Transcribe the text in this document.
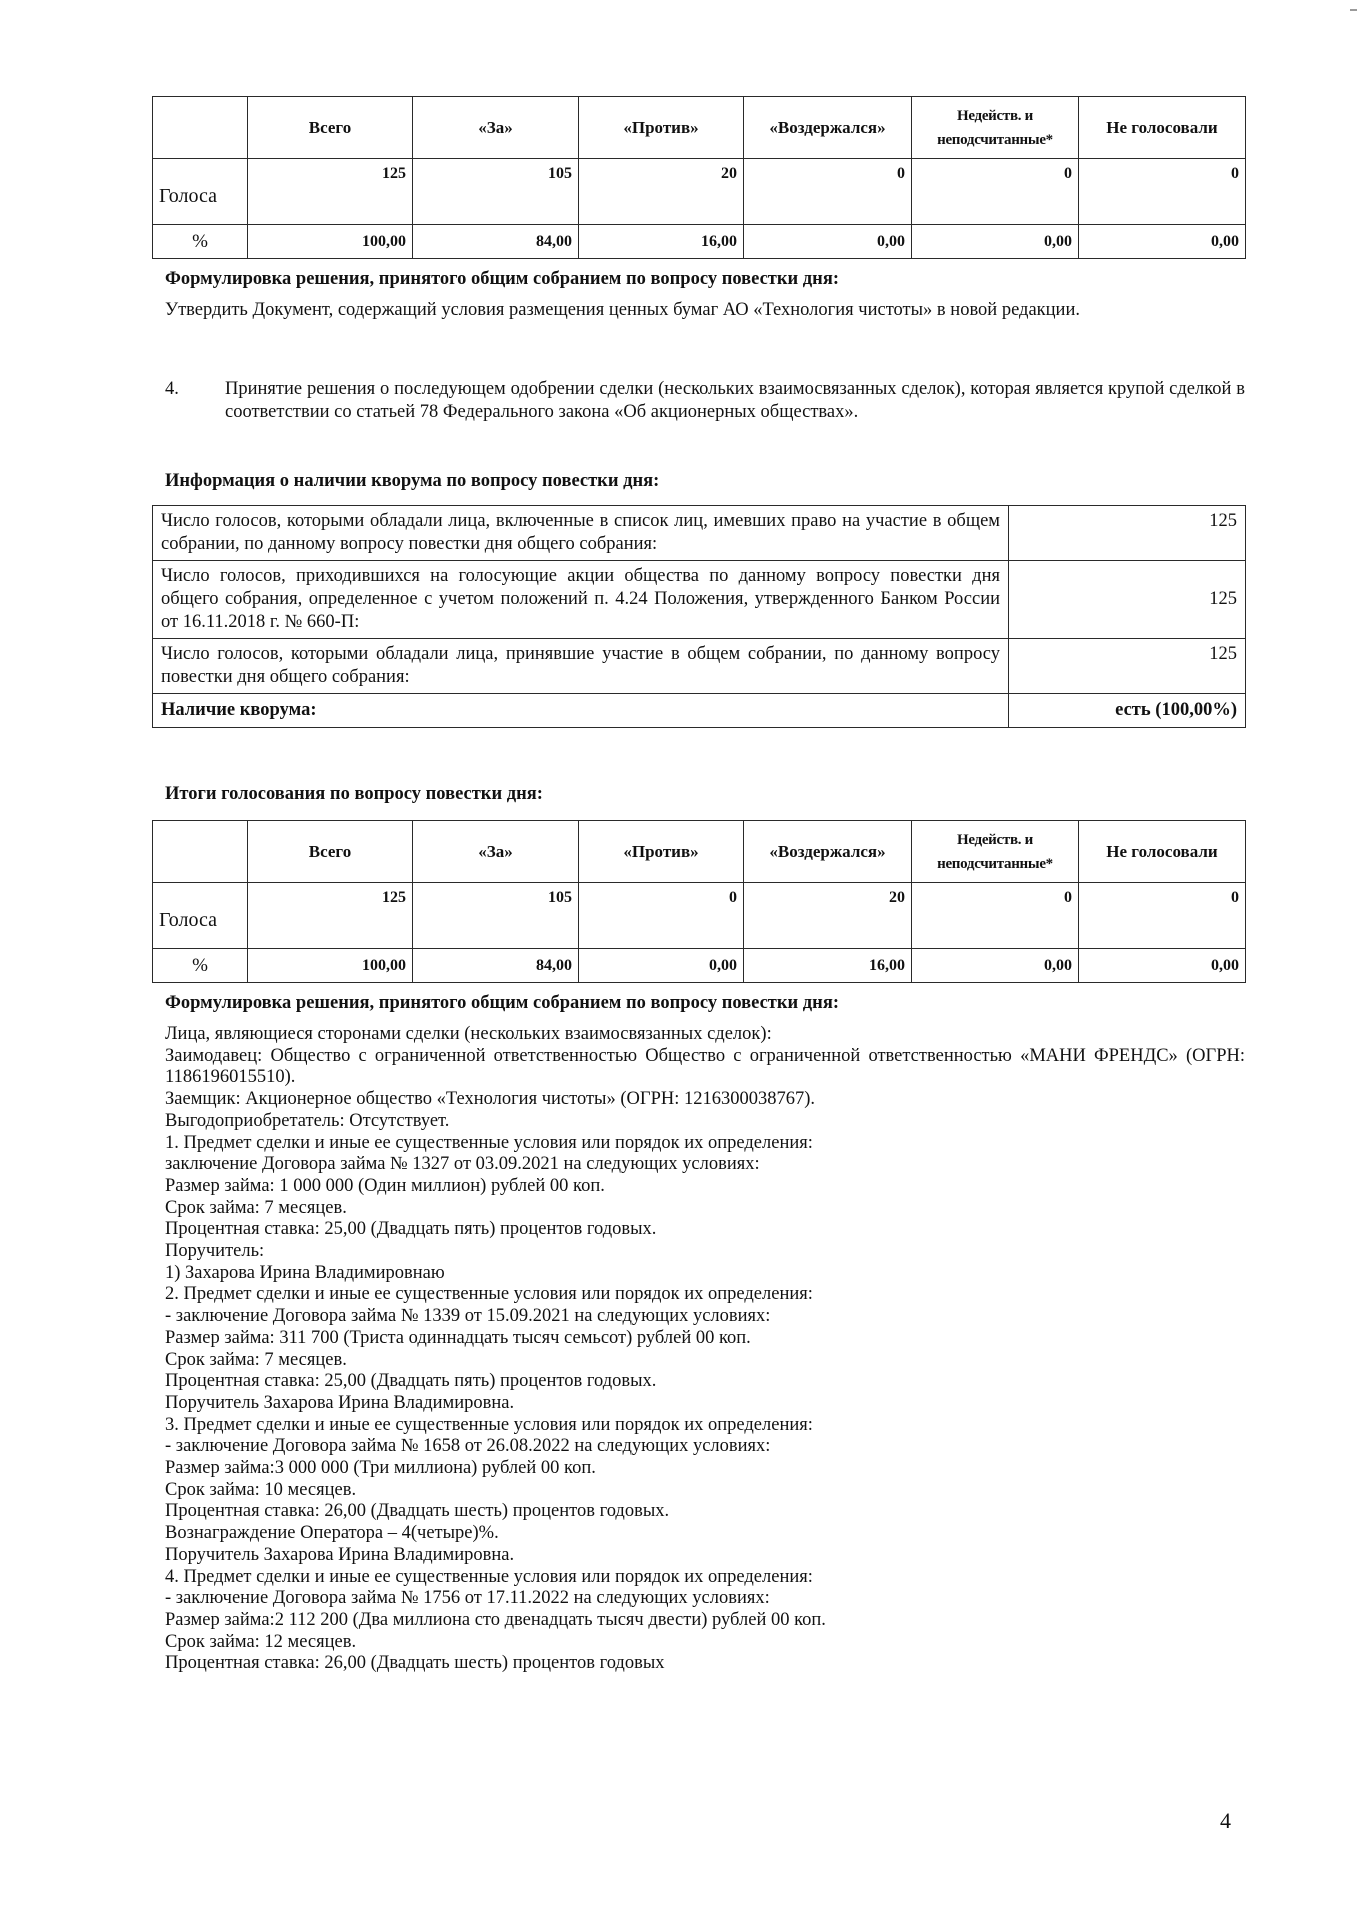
	Всего	«За»	«Против»	«Воздержался»	Недейств. и неподсчитанные*	Не голосовали
Голоса	125	105	20	0	0	0
%	100,00	84,00	16,00	0,00	0,00	0,00
Формулировка решения, принятого общим собранием по вопросу повестки дня:
Утвердить Документ, содержащий условия размещения ценных бумаг АО «Технология чистоты» в новой редакции.
4. Принятие решения о последующем одобрении сделки (нескольких взаимосвязанных сделок), которая является крупой сделкой в соответствии со статьей 78 Федерального закона «Об акционерных обществах».
Информация о наличии кворума по вопросу повестки дня:
Число голосов, которыми обладали лица, включенные в список лиц, имевших право на участие в общем собрании, по данному вопросу повестки дня общего собрания:	125
Число голосов, приходившихся на голосующие акции общества по данному вопросу повестки дня общего собрания, определенное с учетом положений п. 4.24 Положения, утвержденного Банком России от 16.11.2018 г. № 660-П:	125
Число голосов, которыми обладали лица, принявшие участие в общем собрании, по данному вопросу повестки дня общего собрания:	125
Наличие кворума:	есть (100,00%)
Итоги голосования по вопросу повестки дня:
	Всего	«За»	«Против»	«Воздержался»	Недейств. и неподсчитанные*	Не голосовали
Голоса	125	105	0	20	0	0
%	100,00	84,00	0,00	16,00	0,00	0,00
Формулировка решения, принятого общим собранием по вопросу повестки дня:
Лица, являющиеся сторонами сделки (нескольких взаимосвязанных сделок):
Заимодавец: Общество с ограниченной ответственностью Общество с ограниченной ответственностью «МАНИ ФРЕНДС» (ОГРН: 1186196015510).
Заемщик: Акционерное общество «Технология чистоты» (ОГРН: 1216300038767).
Выгодоприобретатель: Отсутствует.
1. Предмет сделки и иные ее существенные условия или порядок их определения:
заключение Договора займа № 1327 от 03.09.2021 на следующих условиях:
Размер займа: 1 000 000 (Один миллион) рублей 00 коп.
Срок займа: 7 месяцев.
Процентная ставка: 25,00 (Двадцать пять) процентов годовых.
Поручитель:
1) Захарова Ирина Владимировнаю
2. Предмет сделки и иные ее существенные условия или порядок их определения:
- заключение Договора займа № 1339 от 15.09.2021 на следующих условиях:
Размер займа: 311 700 (Триста одиннадцать тысяч семьсот) рублей 00 коп.
Срок займа: 7 месяцев.
Процентная ставка: 25,00 (Двадцать пять) процентов годовых.
Поручитель Захарова Ирина Владимировна.
3. Предмет сделки и иные ее существенные условия или порядок их определения:
- заключение Договора займа № 1658 от 26.08.2022 на следующих условиях:
Размер займа:3 000 000 (Три миллиона) рублей 00 коп.
Срок займа: 10 месяцев.
Процентная ставка: 26,00 (Двадцать шесть) процентов годовых.
Вознаграждение Оператора – 4(четыре)%.
Поручитель Захарова Ирина Владимировна.
4. Предмет сделки и иные ее существенные условия или порядок их определения:
- заключение Договора займа № 1756 от 17.11.2022 на следующих условиях:
Размер займа:2 112 200 (Два миллиона сто двенадцать тысяч двести) рублей 00 коп.
Срок займа: 12 месяцев.
Процентная ставка: 26,00 (Двадцать шесть) процентов годовых
4
